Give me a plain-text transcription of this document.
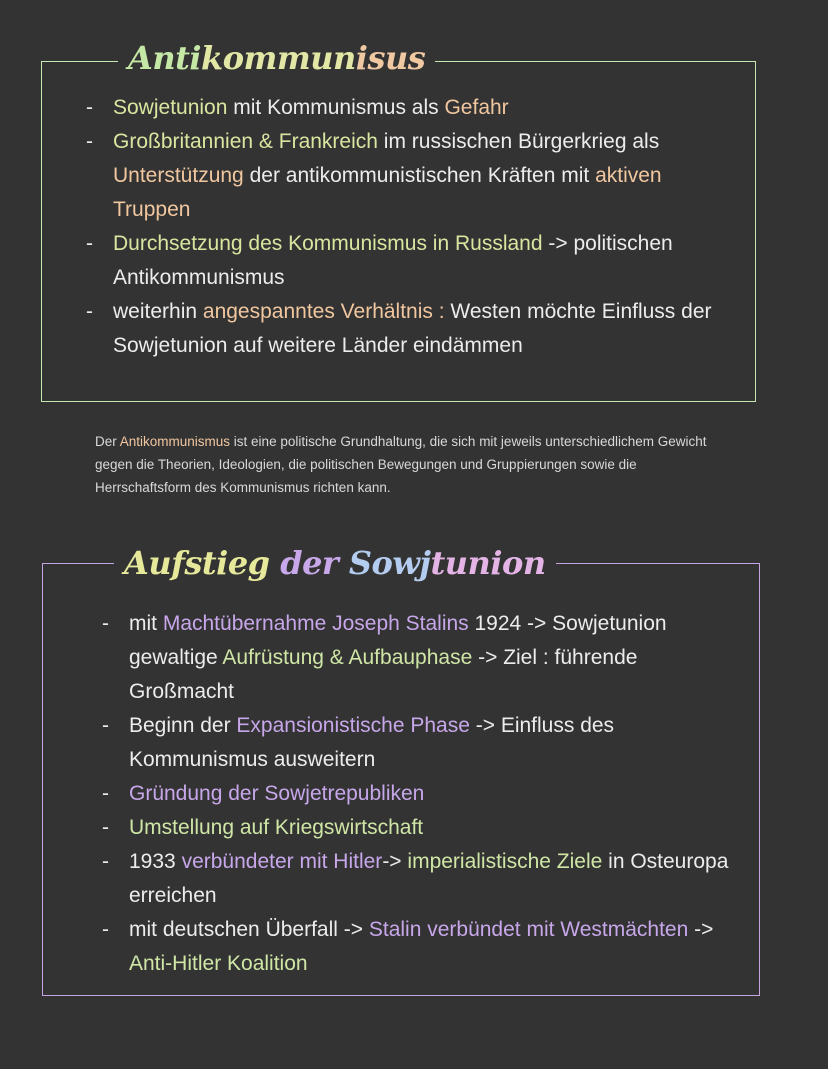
Antikommunisus
- Sowjetunion mit Kommunismus als Gefahr
- Großbritannien & Frankreich im russischen Bürgerkrieg als Unterstützung der antikommunistischen Kräften mit aktiven Truppen
- Durchsetzung des Kommunismus in Russland -> politischen Antikommunismus
- weiterhin angespanntes Verhältnis : Westen möchte Einfluss der Sowjetunion auf weitere Länder eindämmen
Der Antikommunismus ist eine politische Grundhaltung, die sich mit jeweils unterschiedlichem Gewicht gegen die Theorien, Ideologien, die politischen Bewegungen und Gruppierungen sowie die Herrschaftsform des Kommunismus richten kann.
Aufstieg der Sowjtunion
- mit Machtübernahme Joseph Stalins 1924 -> Sowjetunion gewaltige Aufrüstung & Aufbauphase -> Ziel : führende Großmacht
- Beginn der Expansionistische Phase -> Einfluss des Kommunismus ausweitern
- Gründung der Sowjetrepubliken
- Umstellung auf Kriegswirtschaft
- 1933 verbündeter mit Hitler-> imperialistische Ziele in Osteuropa erreichen
- mit deutschen Überfall -> Stalin verbündet mit Westmächten -> Anti-Hitler Koalition
